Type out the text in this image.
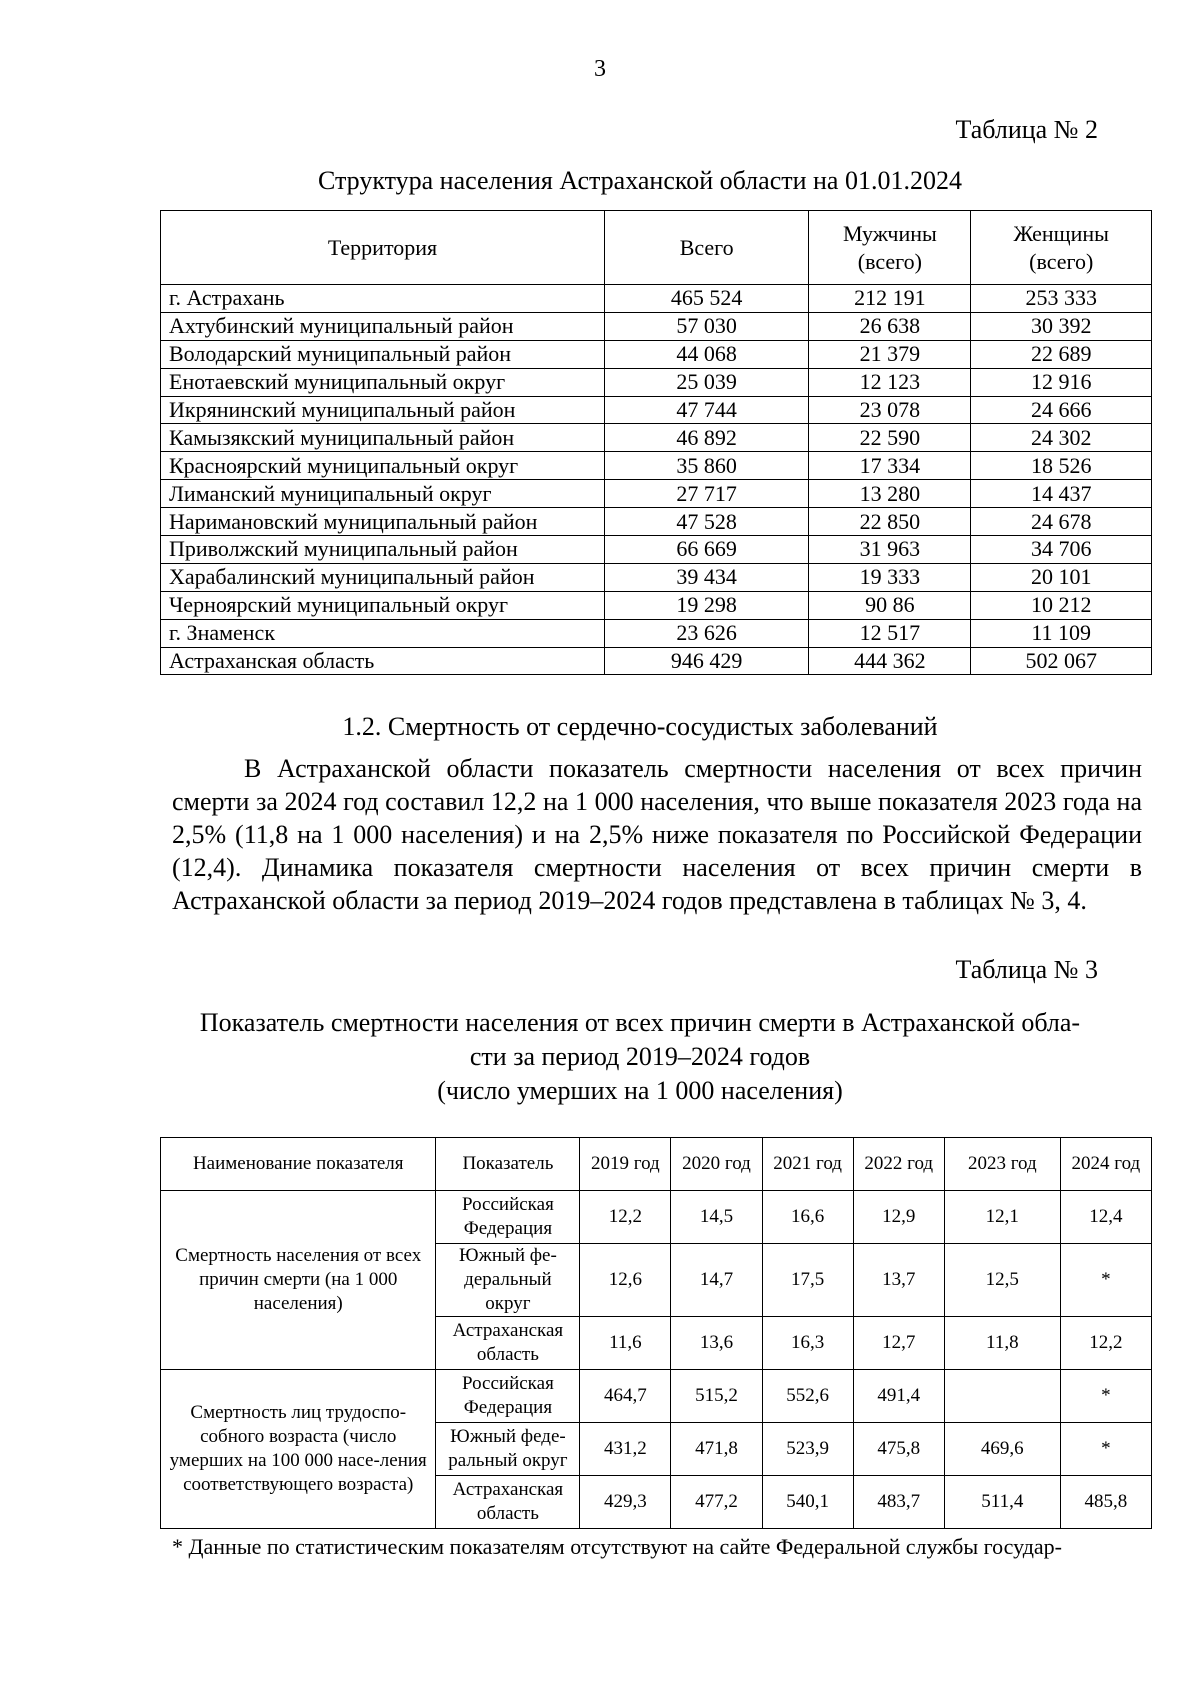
3
Таблица № 2
Структура населения Астраханской области на 01.01.2024
Территория	Всего	Мужчины (всего)	Женщины (всего)
г. Астрахань	465 524	212 191	253 333
Ахтубинский муниципальный район	57 030	26 638	30 392
Володарский муниципальный район	44 068	21 379	22 689
Енотаевский муниципальный округ	25 039	12 123	12 916
Икрянинский муниципальный район	47 744	23 078	24 666
Камызякский муниципальный район	46 892	22 590	24 302
Красноярский муниципальный округ	35 860	17 334	18 526
Лиманский муниципальный округ	27 717	13 280	14 437
Наримановский муниципальный район	47 528	22 850	24 678
Приволжский муниципальный район	66 669	31 963	34 706
Харабалинский муниципальный район	39 434	19 333	20 101
Черноярский муниципальный округ	19 298	90 86	10 212
г. Знаменск	23 626	12 517	11 109
Астраханская область	946 429	444 362	502 067
1.2. Смертность от сердечно-сосудистых заболеваний

В Астраханской области показатель смертности населения от всех причин смерти за 2024 год составил 12,2 на 1 000 населения, что выше показателя 2023 года на 2,5% (11,8 на 1 000 населения) и на 2,5% ниже показателя по Российской Федерации (12,4). Динамика показателя смертности населения от всех причин смерти в Астраханской области за период 2019–2024 годов представлена в таблицах № 3, 4.

Таблица № 3
Показатель смертности населения от всех причин смерти в Астраханской обла-
сти за период 2019–2024 годов
(число умерших на 1 000 населения)
Наименование показателя	Показатель	2019 год	2020 год	2021 год	2022 год	2023 год	2024 год
Смертность населения от всех причин смерти (на 1 000 населения)	Российская Федерация	12,2	14,5	16,6	12,9	12,1	12,4
	Южный фе-деральный округ	12,6	14,7	17,5	13,7	12,5	*
	Астраханская область	11,6	13,6	16,3	12,7	11,8	12,2
Смертность лиц трудоспо-собного возраста (число умерших на 100 000 насе-ления соответствующего возраста)	Российская Федерация	464,7	515,2	552,6	491,4		*
	Южный феде-ральный округ	431,2	471,8	523,9	475,8	469,6	*
	Астраханская область	429,3	477,2	540,1	483,7	511,4	485,8
* Данные по статистическим показателям отсутствуют на сайте Федеральной службы государ-
